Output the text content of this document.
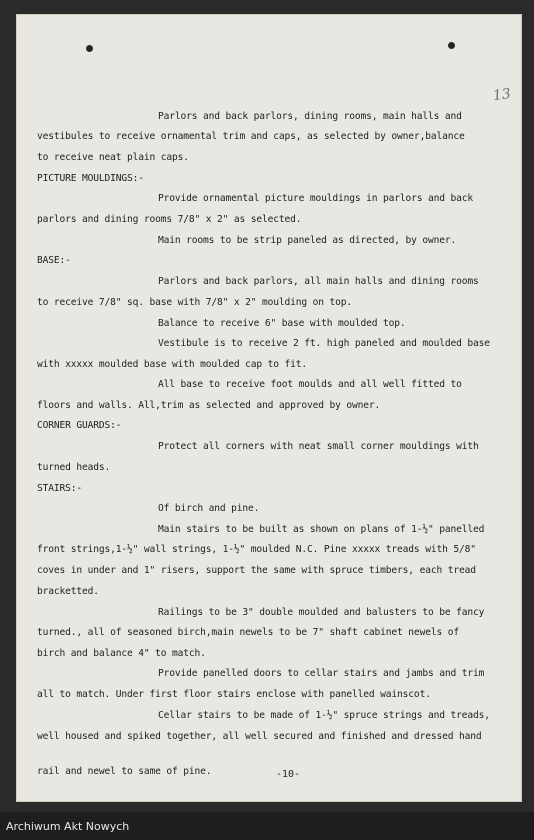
13

Parlors and back parlors, dining rooms, main halls and

vestibules to receive ornamental trim and caps, as selected by owner,balance

to receive neat plain caps.

PICTURE MOULDINGS:-

Provide ornamental picture mouldings in parlors and back

parlors and dining rooms 7/8" x 2" as selected.

Main rooms to be strip paneled as directed, by owner.

BASE:-

Parlors and back parlors, all main halls and dining rooms

to receive 7/8" sq. base with 7/8" x 2" moulding on top.

Balance to receive 6" base with moulded top.

Vestibule is to receive 2 ft. high paneled and moulded base

with xxxxx moulded base with moulded cap to fit.

All base to receive foot moulds and all well fitted to

floors and walls. All,trim as selected and approved by owner.

CORNER GUARDS:-

Protect all corners with neat small corner mouldings with

turned heads.

STAIRS:-

Of birch and pine.

Main stairs to be built as shown on plans of 1-½" panelled

front strings,1-½" wall strings, 1-½" moulded N.C. Pine xxxxx treads with 5/8"

coves in under and 1" risers, support the same with spruce timbers, each tread

bracketted.

Railings to be 3" double moulded and balusters to be fancy

turned., all of seasoned birch,main newels to be 7" shaft cabinet newels of

birch and balance 4" to match.

Provide panelled doors to cellar stairs and jambs and trim

all to match. Under first floor stairs enclose with panelled wainscot.

Cellar stairs to be made of 1-½" spruce strings and treads,

well housed and spiked together, all well secured and finished and dressed hand

rail and newel to same of pine.	-10-

Archiwum Akt Nowych
